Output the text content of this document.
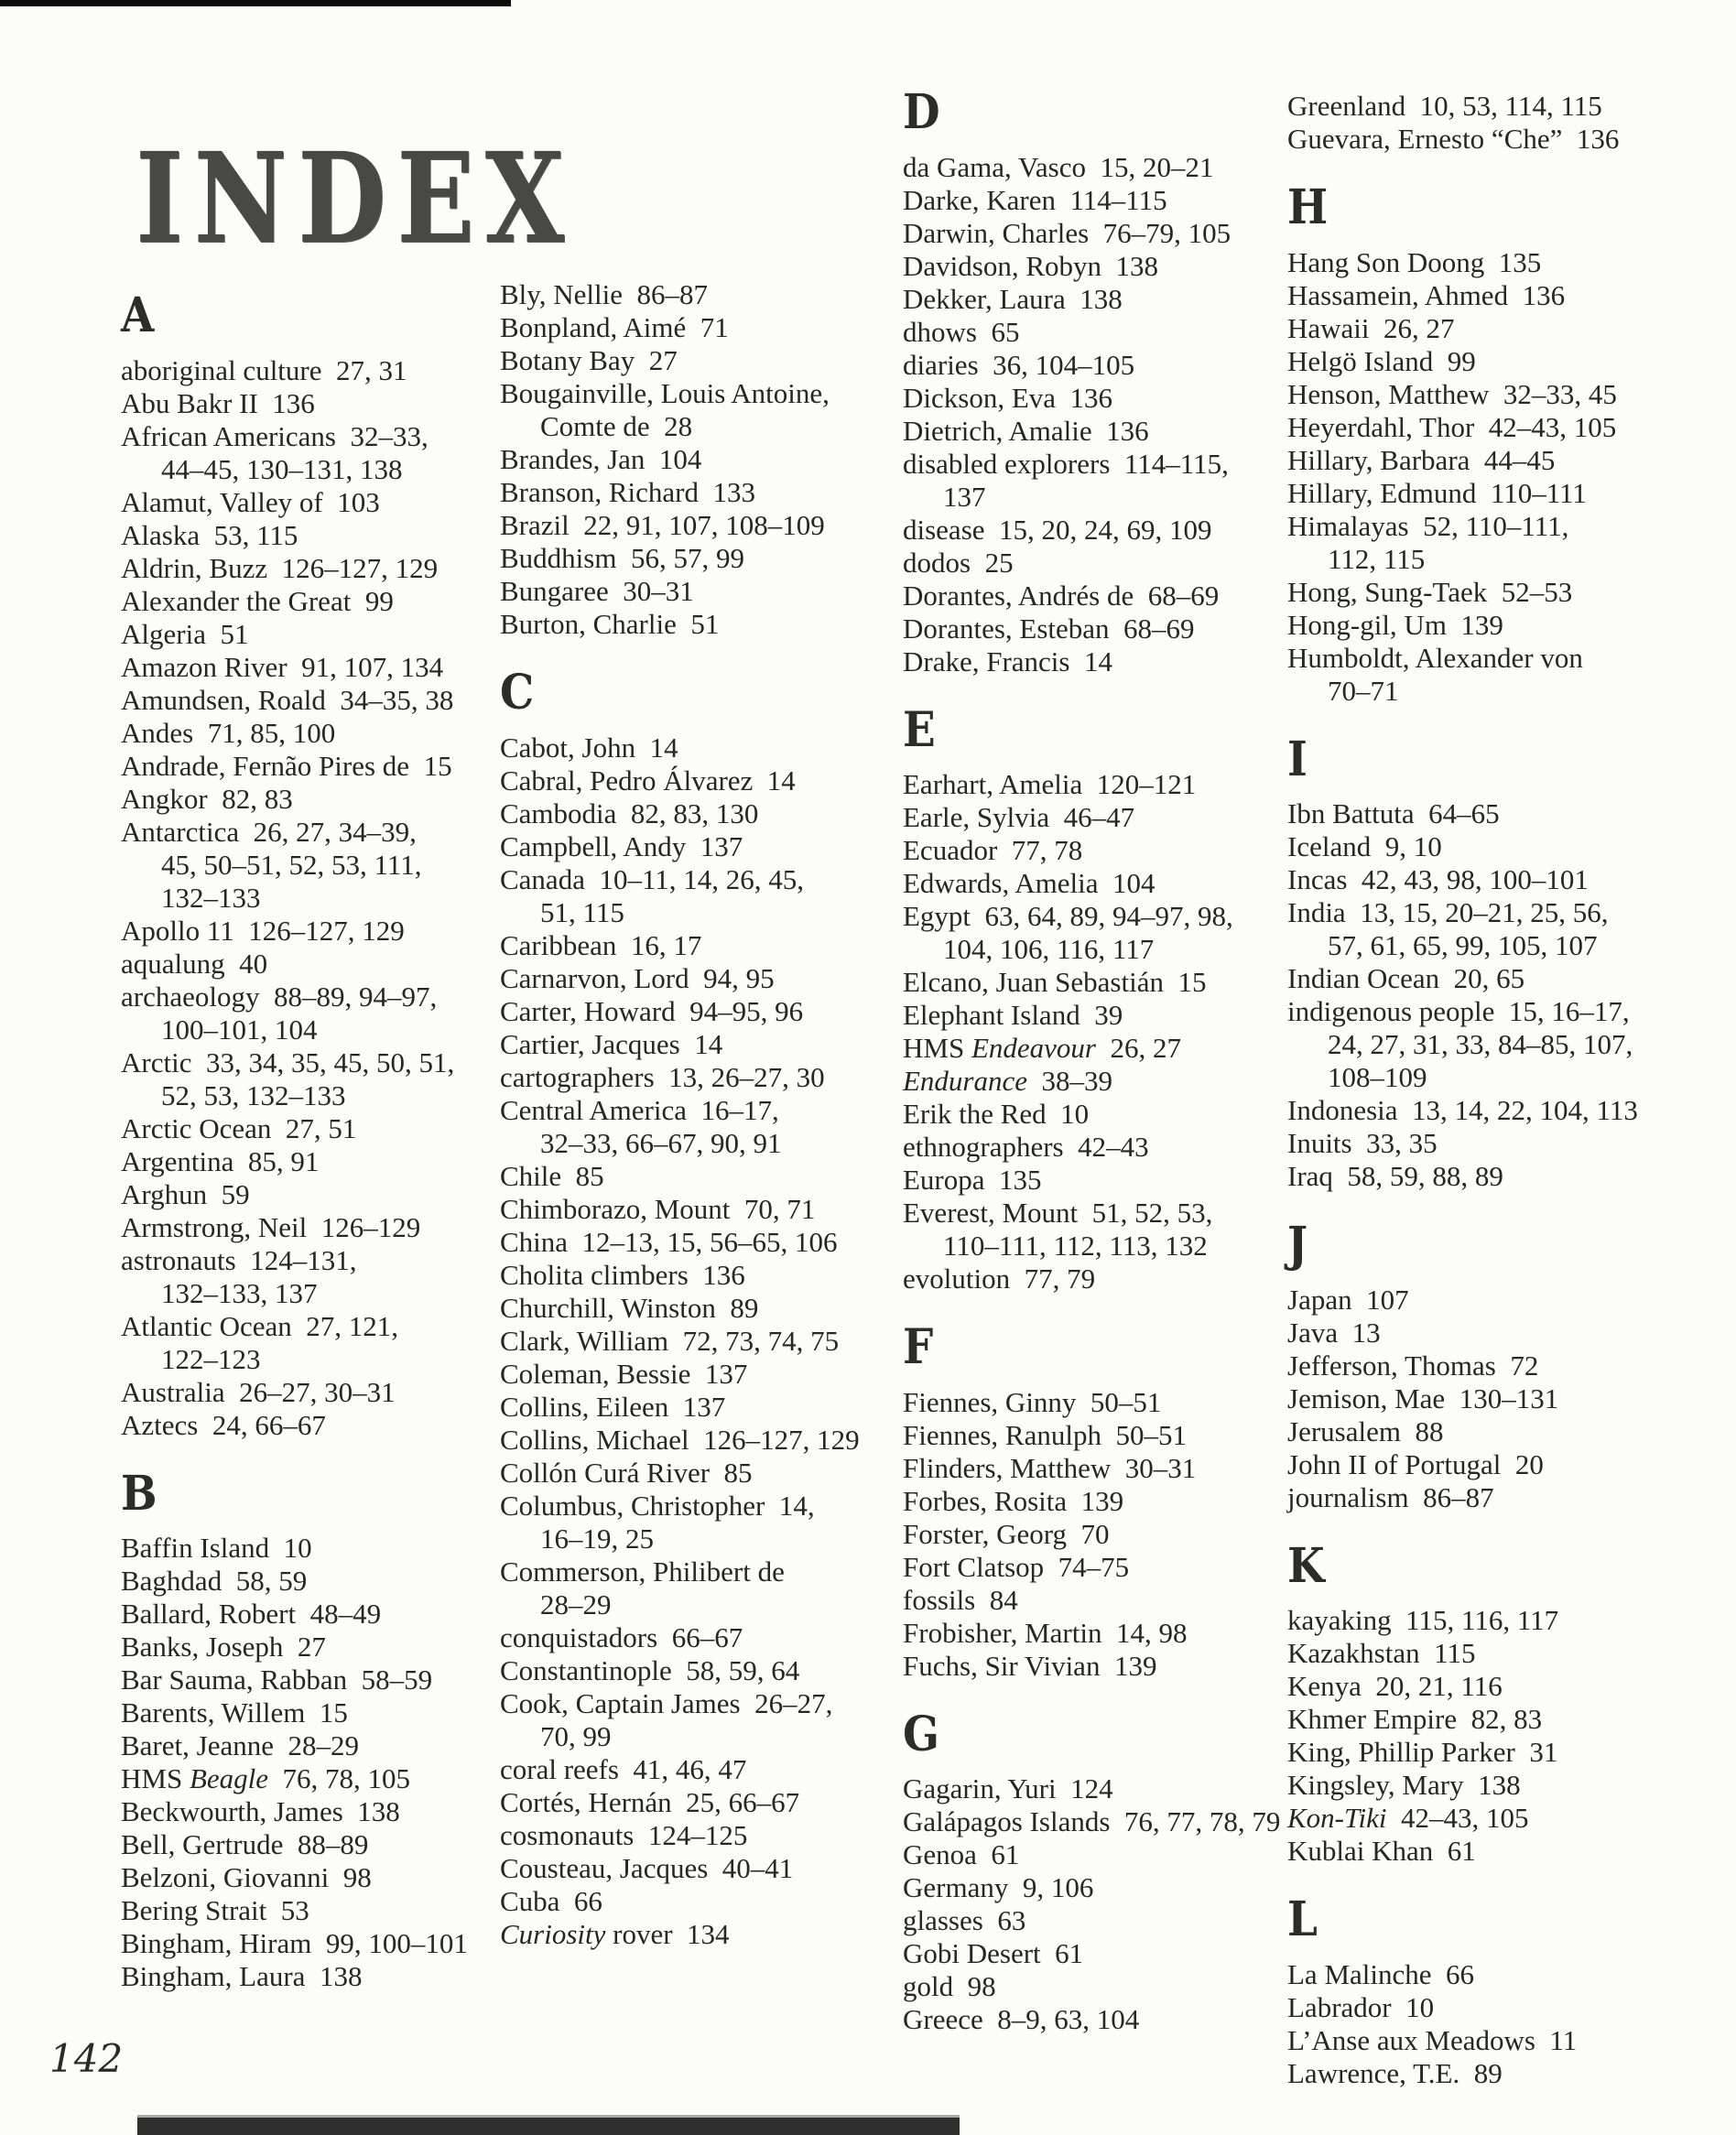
INDEX
A

aboriginal culture  27, 31

Abu Bakr II  136

African Americans  32–33,
44–45, 130–131, 138

Alamut, Valley of  103

Alaska  53, 115

Aldrin, Buzz  126–127, 129

Alexander the Great  99

Algeria  51

Amazon River  91, 107, 134

Amundsen, Roald  34–35, 38

Andes  71, 85, 100

Andrade, Fernão Pires de  15

Angkor  82, 83

Antarctica  26, 27, 34–39,
45, 50–51, 52, 53, 111,
132–133

Apollo 11  126–127, 129

aqualung  40

archaeology  88–89, 94–97,
100–101, 104

Arctic  33, 34, 35, 45, 50, 51,
52, 53, 132–133

Arctic Ocean  27, 51

Argentina  85, 91

Arghun  59

Armstrong, Neil  126–129

astronauts  124–131,
132–133, 137

Atlantic Ocean  27, 121,
122–123

Australia  26–27, 30–31

Aztecs  24, 66–67

B

Baffin Island  10

Baghdad  58, 59

Ballard, Robert  48–49

Banks, Joseph  27

Bar Sauma, Rabban  58–59

Barents, Willem  15

Baret, Jeanne  28–29

HMS Beagle  76, 78, 105

Beckwourth, James  138

Bell, Gertrude  88–89

Belzoni, Giovanni  98

Bering Strait  53

Bingham, Hiram  99, 100–101

Bingham, Laura  138

Bly, Nellie  86–87

Bonpland, Aimé  71

Botany Bay  27

Bougainville, Louis Antoine,
Comte de  28

Brandes, Jan  104

Branson, Richard  133

Brazil  22, 91, 107, 108–109

Buddhism  56, 57, 99

Bungaree  30–31

Burton, Charlie  51

C

Cabot, John  14

Cabral, Pedro Álvarez  14

Cambodia  82, 83, 130

Campbell, Andy  137

Canada  10–11, 14, 26, 45,
51, 115

Caribbean  16, 17

Carnarvon, Lord  94, 95

Carter, Howard  94–95, 96

Cartier, Jacques  14

cartographers  13, 26–27, 30

Central America  16–17,
32–33, 66–67, 90, 91

Chile  85

Chimborazo, Mount  70, 71

China  12–13, 15, 56–65, 106

Cholita climbers  136

Churchill, Winston  89

Clark, William  72, 73, 74, 75

Coleman, Bessie  137

Collins, Eileen  137

Collins, Michael  126–127, 129

Collón Curá River  85

Columbus, Christopher  14,
16–19, 25

Commerson, Philibert de
28–29

conquistadors  66–67

Constantinople  58, 59, 64

Cook, Captain James  26–27,
70, 99

coral reefs  41, 46, 47

Cortés, Hernán  25, 66–67

cosmonauts  124–125

Cousteau, Jacques  40–41

Cuba  66

Curiosity rover  134

D

da Gama, Vasco  15, 20–21

Darke, Karen  114–115

Darwin, Charles  76–79, 105

Davidson, Robyn  138

Dekker, Laura  138

dhows  65

diaries  36, 104–105

Dickson, Eva  136

Dietrich, Amalie  136

disabled explorers  114–115,
137

disease  15, 20, 24, 69, 109

dodos  25

Dorantes, Andrés de  68–69

Dorantes, Esteban  68–69

Drake, Francis  14

E

Earhart, Amelia  120–121

Earle, Sylvia  46–47

Ecuador  77, 78

Edwards, Amelia  104

Egypt  63, 64, 89, 94–97, 98,
104, 106, 116, 117

Elcano, Juan Sebastián  15

Elephant Island  39

HMS Endeavour  26, 27

Endurance  38–39

Erik the Red  10

ethnographers  42–43

Europa  135

Everest, Mount  51, 52, 53,
110–111, 112, 113, 132

evolution  77, 79

F

Fiennes, Ginny  50–51

Fiennes, Ranulph  50–51

Flinders, Matthew  30–31

Forbes, Rosita  139

Forster, Georg  70

Fort Clatsop  74–75

fossils  84

Frobisher, Martin  14, 98

Fuchs, Sir Vivian  139

G

Gagarin, Yuri  124

Galápagos Islands  76, 77, 78, 79

Genoa  61

Germany  9, 106

glasses  63

Gobi Desert  61

gold  98

Greece  8–9, 63, 104

Greenland  10, 53, 114, 115

Guevara, Ernesto “Che”  136

H

Hang Son Doong  135

Hassamein, Ahmed  136

Hawaii  26, 27

Helgö Island  99

Henson, Matthew  32–33, 45

Heyerdahl, Thor  42–43, 105

Hillary, Barbara  44–45

Hillary, Edmund  110–111

Himalayas  52, 110–111,
112, 115

Hong, Sung-Taek  52–53

Hong-gil, Um  139

Humboldt, Alexander von
70–71

I

Ibn Battuta  64–65

Iceland  9, 10

Incas  42, 43, 98, 100–101

India  13, 15, 20–21, 25, 56,
57, 61, 65, 99, 105, 107

Indian Ocean  20, 65

indigenous people  15, 16–17,
24, 27, 31, 33, 84–85, 107,
108–109

Indonesia  13, 14, 22, 104, 113

Inuits  33, 35

Iraq  58, 59, 88, 89

J

Japan  107

Java  13

Jefferson, Thomas  72

Jemison, Mae  130–131

Jerusalem  88

John II of Portugal  20

journalism  86–87

K

kayaking  115, 116, 117

Kazakhstan  115

Kenya  20, 21, 116

Khmer Empire  82, 83

King, Phillip Parker  31

Kingsley, Mary  138

Kon-Tiki  42–43, 105

Kublai Khan  61

L

La Malinche  66

Labrador  10

L’Anse aux Meadows  11

Lawrence, T.E.  89

142
